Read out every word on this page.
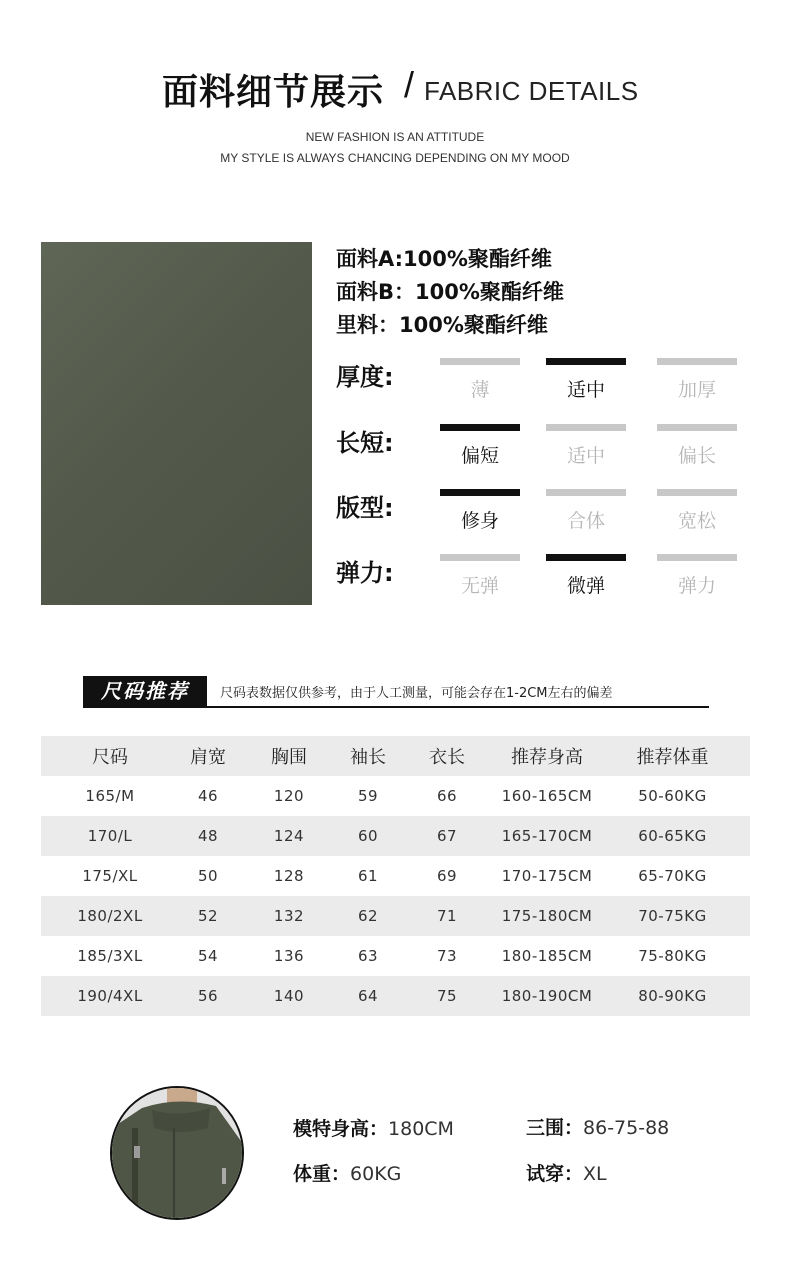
面料细节展示 / FABRIC DETAILS
NEW FASHION IS AN ATTITUDE
MY STYLE IS ALWAYS CHANCING DEPENDING ON MY MOOD
面料A:100%聚酯纤维
面料B：100%聚酯纤维
里料：100%聚酯纤维
厚度:	薄	适中	加厚
长短:	偏短	适中	偏长
版型:	修身	合体	宽松
弹力:	无弹	微弹	弹力
尺码推荐	尺码表数据仅供参考，由于人工测量，可能会存在1-2CM左右的偏差
尺码	肩宽	胸围	袖长	衣长	推荐身高	推荐体重
165/M	46	120	59	66	160-165CM	50-60KG
170/L	48	124	60	67	165-170CM	60-65KG
175/XL	50	128	61	69	170-175CM	65-70KG
180/2XL	52	132	62	71	175-180CM	70-75KG
185/3XL	54	136	63	73	180-185CM	75-80KG
190/4XL	56	140	64	75	180-190CM	80-90KG
模特身高：180CM	三围：86-75-88
体重：60KG	试穿：XL
